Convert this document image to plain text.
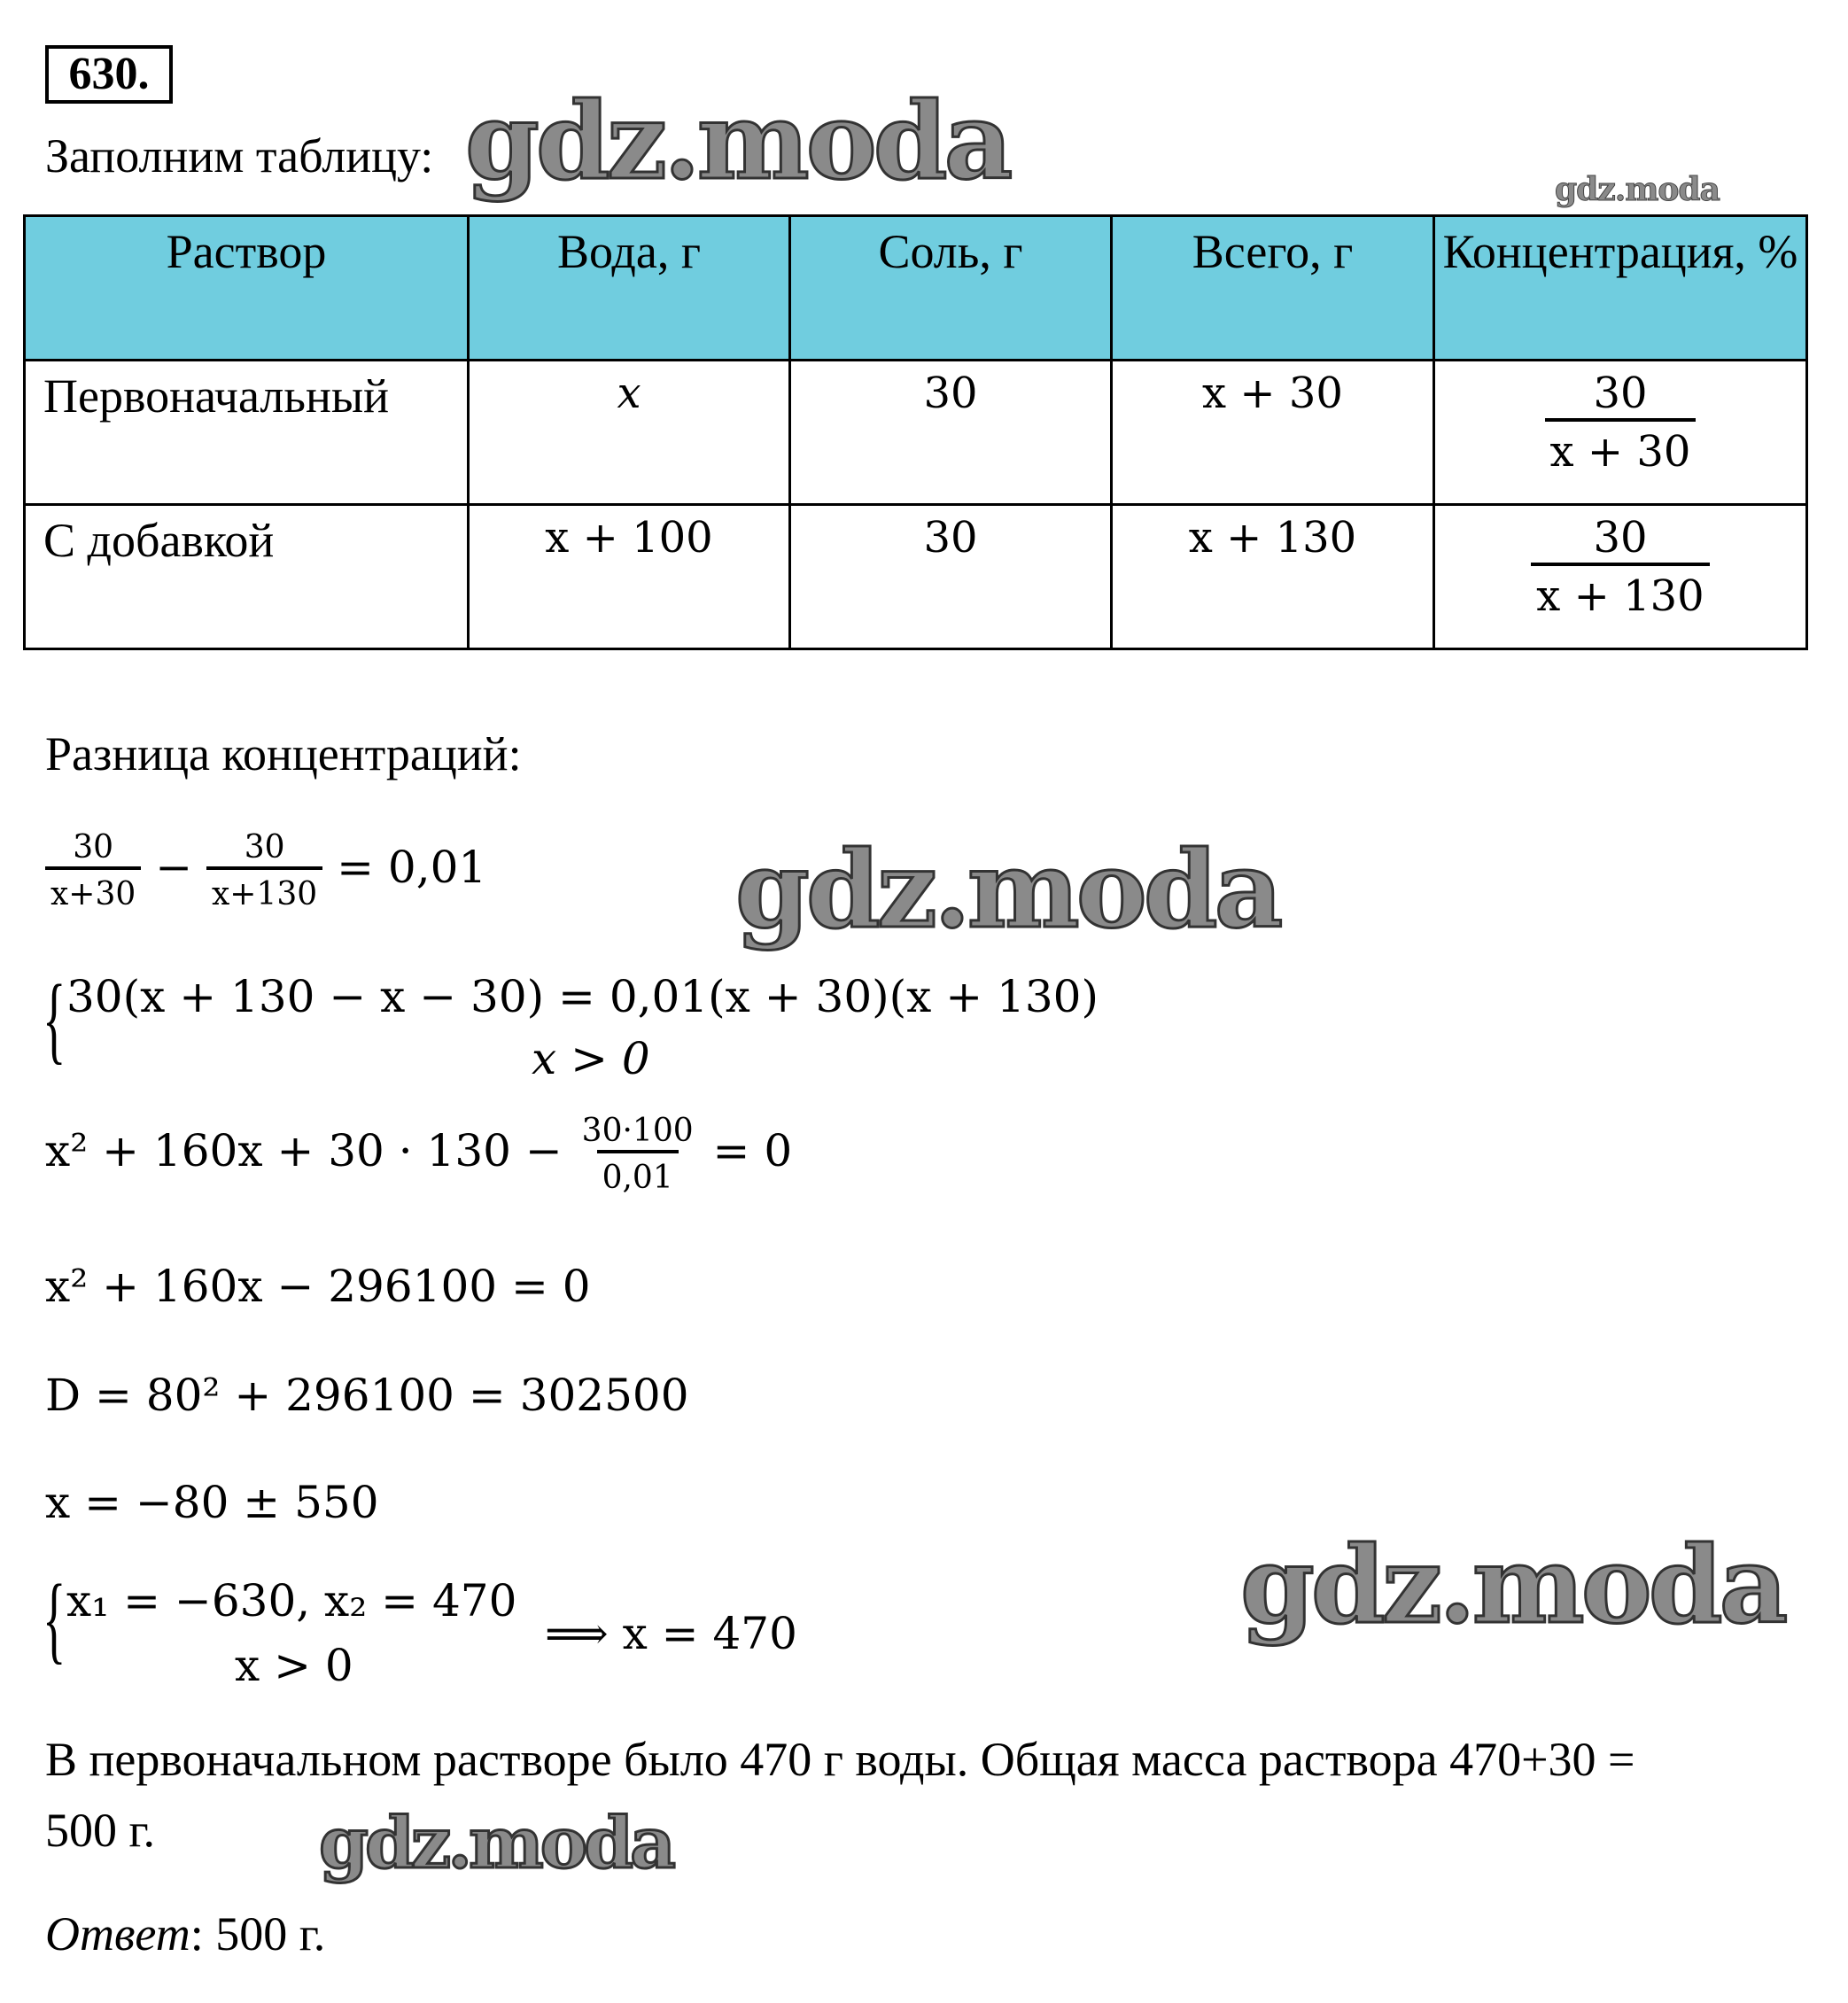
630.
Заполним таблицу: gdz.moda	gdz.moda
Раствор	Вода, г	Соль, г	Всего, г	Концентрация, %
Первоначальный	x	30	x + 30	$\frac{30}{x + 30}$

С добавкой	x + 100	30	x + 130	$\frac{30}{x + 130}$
Разница концентраций:
$\frac{30}{x+30} - \frac{30}{x+130} = 0,01$ gdz.moda
{ 30(x + 130 − x − 30) = 0,01(x + 30)(x + 130)
x > 0
$x^2 + 160x + 30 \cdot 130 - \frac{30\cdot 100}{0,01} = 0$
x² + 160x − 296100 = 0
D = 80² + 296100 = 302500
x = −80 ± 550
{ x₁ = −630, x₂ = 470
x > 0
⟹ x = 470	gdz.moda
В первоначальном растворе было 470 г воды. Общая масса раствора 470+30 =
500 г. gdz.moda
Ответ: 500 г.
